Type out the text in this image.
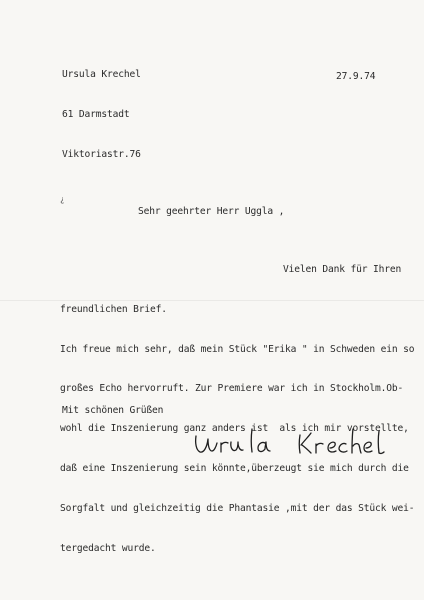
Ursula Krechel

61 Darmstadt

Viktoriastr.76

27.9.74
¿
Sehr geehrter Herr Uggla ,

Vielen Dank für Ihren

freundlichen Brief.

Ich freue mich sehr, daß mein Stück "Erika " in Schweden ein so

großes Echo hervorruft. Zur Premiere war ich in Stockholm.Ob-

wohl die Inszenierung ganz anders ist  als ich mir vorstellte,

daß eine Inszenierung sein könnte,überzeugt sie mich durch die

Sorgfalt und gleichzeitig die Phantasie ,mit der das Stück wei-

tergedacht wurde.

Mit schönen Grüßen
